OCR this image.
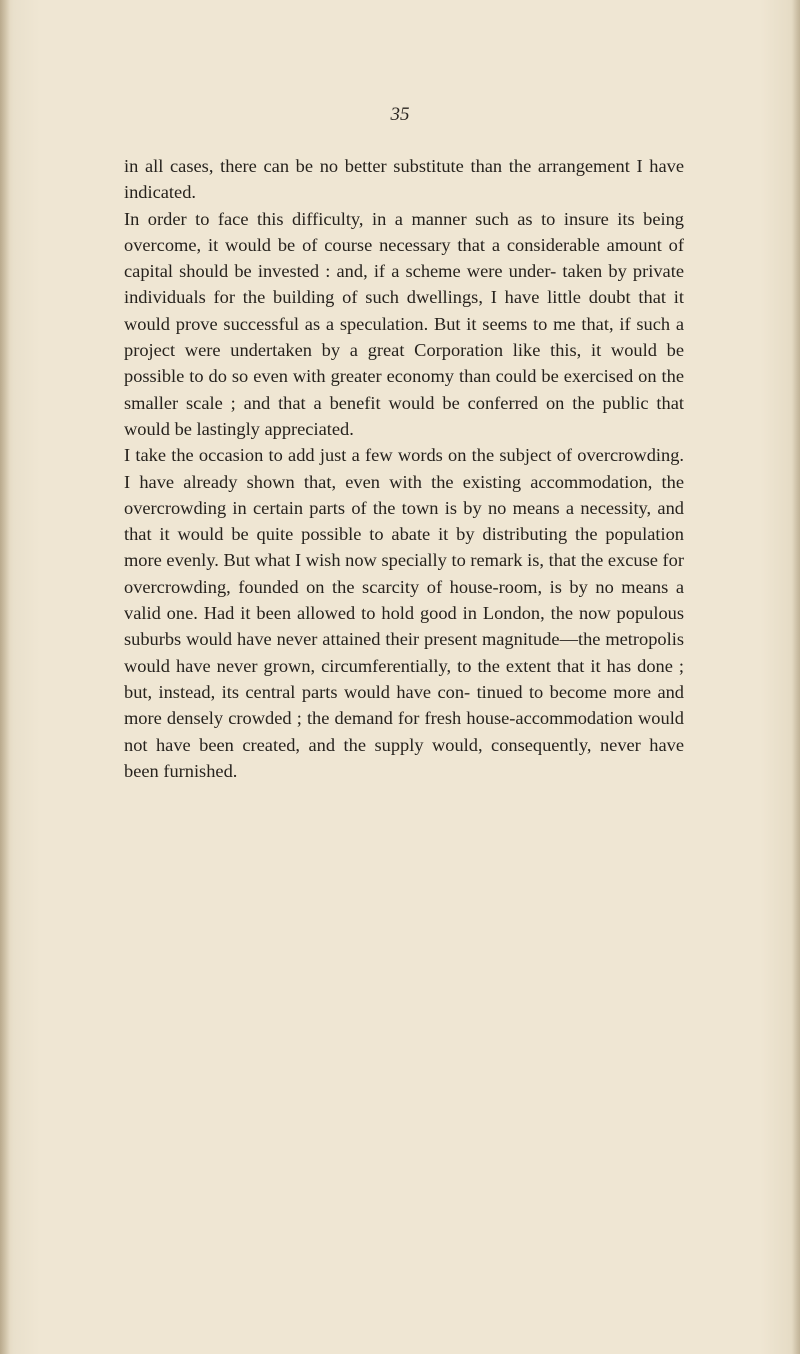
35

in all cases, there can be no better substitute than the arrangement I have indicated.

In order to face this difficulty, in a manner such as to insure its being overcome, it would be of course necessary that a considerable amount of capital should be invested : and, if a scheme were under- taken by private individuals for the building of such dwellings, I have little doubt that it would prove successful as a speculation. But it seems to me that, if such a project were undertaken by a great Corporation like this, it would be possible to do so even with greater economy than could be exercised on the smaller scale ; and that a benefit would be conferred on the public that would be lastingly appreciated.

I take the occasion to add just a few words on the subject of overcrowding. I have already shown that, even with the existing accommodation, the overcrowding in certain parts of the town is by no means a necessity, and that it would be quite possible to abate it by distributing the population more evenly. But what I wish now specially to remark is, that the excuse for overcrowding, founded on the scarcity of house-room, is by no means a valid one. Had it been allowed to hold good in London, the now populous suburbs would have never attained their present magnitude—the metropolis would have never grown, circumferentially, to the extent that it has done ; but, instead, its central parts would have con- tinued to become more and more densely crowded ; the demand for fresh house-accommodation would not have been created, and the supply would, consequently, never have been furnished.
